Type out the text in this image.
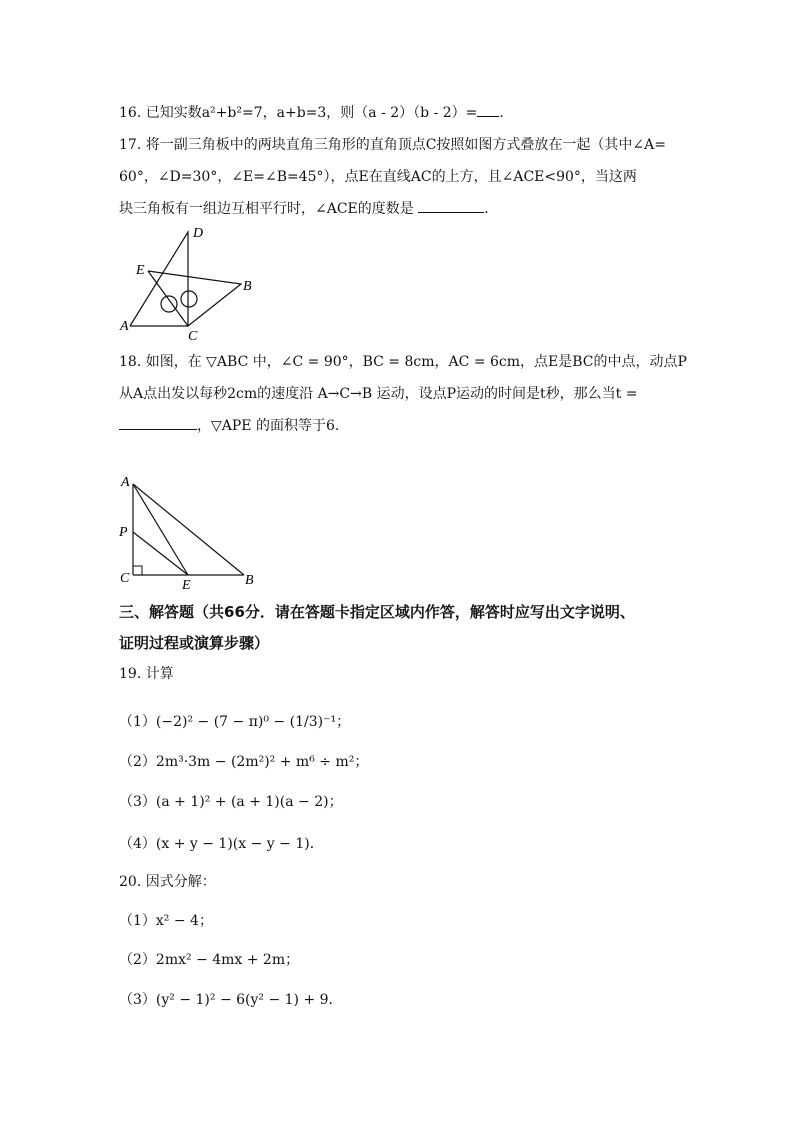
16. 已知实数a²+b²=7，a+b=3，则（a - 2）（b - 2）= .
17. 将一副三角板中的两块直角三角形的直角顶点C按照如图方式叠放在一起（其中∠A=
60°，∠D=30°，∠E=∠B=45°），点E在直线AC的上方，且∠ACE<90°，当这两
块三角板有一组边互相平行时，∠ACE的度数是	.
D
E
B
A
C
18. 如图，在 ▽ABC 中，∠C = 90°，BC = 8cm，AC = 6cm，点E是BC的中点，动点P
从A点出发以每秒2cm的速度沿 A→C→B 运动，设点P运动的时间是t秒，那么当t =
，▽APE 的面积等于6.
A
P
C	E	B
三、解答题（共66分．请在答题卡指定区域内作答，解答时应写出文字说明、
证明过程或演算步骤）
19. 计算
（1）(−2)² − (7 − π)⁰ − (1/3)⁻¹；
（2）2m³·3m − (2m²)² + m⁶ ÷ m²；
（3）(a + 1)² + (a + 1)(a − 2)；
（4）(x + y − 1)(x − y − 1)．
20. 因式分解：
（1）x² − 4；
（2）2mx² − 4mx + 2m；
（3）(y² − 1)² − 6(y² − 1) + 9．
